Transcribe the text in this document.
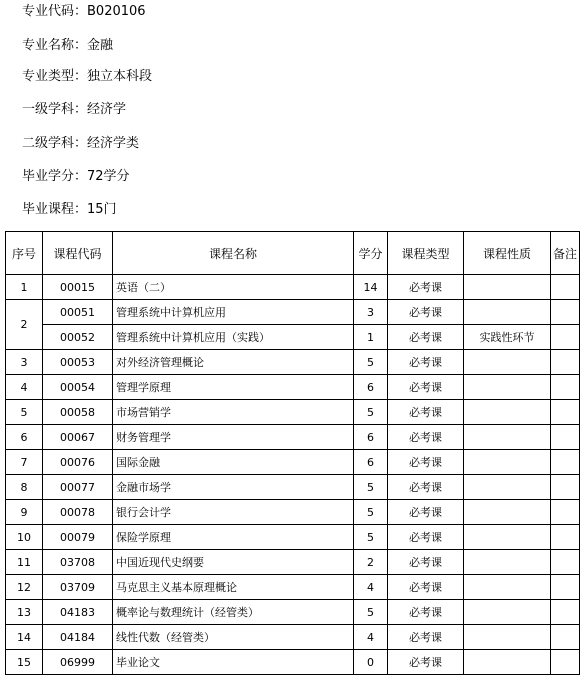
专业代码：B020106
专业名称：金融
专业类型：独立本科段
一级学科：经济学
二级学科：经济学类
毕业学分：72学分
毕业课程：15门
序号	课程代码	课程名称	学分	课程类型	课程性质	备注
1	00015	英语（二）	14	必考课		
2	00051	管理系统中计算机应用	3	必考课		
	00052	管理系统中计算机应用（实践）	1	必考课	实践性环节	
3	00053	对外经济管理概论	5	必考课		
4	00054	管理学原理	6	必考课		
5	00058	市场营销学	5	必考课		
6	00067	财务管理学	6	必考课		
7	00076	国际金融	6	必考课		
8	00077	金融市场学	5	必考课		
9	00078	银行会计学	5	必考课		
10	00079	保险学原理	5	必考课		
11	03708	中国近现代史纲要	2	必考课		
12	03709	马克思主义基本原理概论	4	必考课		
13	04183	概率论与数理统计（经管类）	5	必考课		
14	04184	线性代数（经管类）	4	必考课		
15	06999	毕业论文	0	必考课		
